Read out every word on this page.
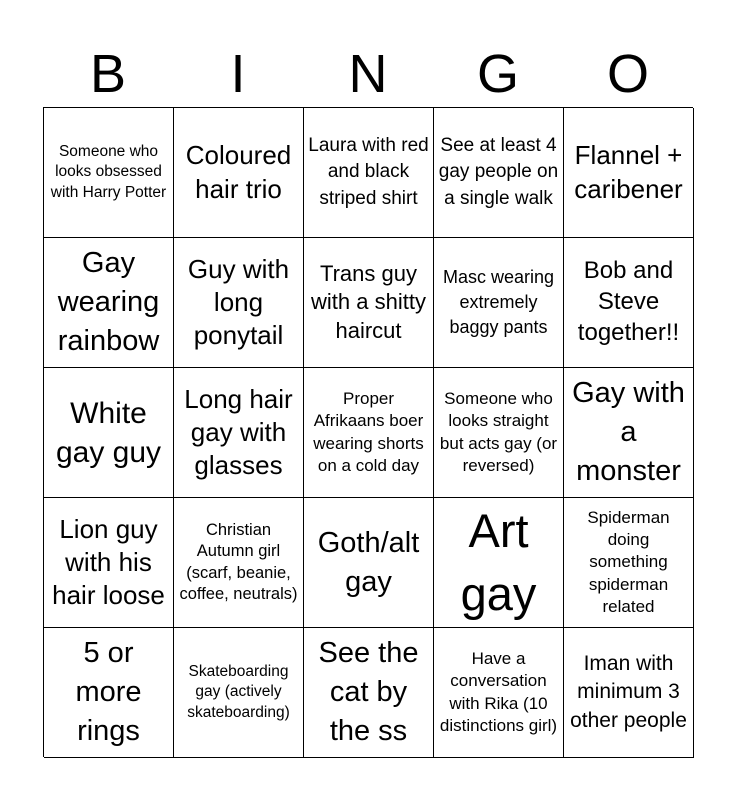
B	I	N	G	O
Someone who looks obsessed with Harry Potter
Coloured hair trio
Laura with red and black striped shirt
See at least 4 gay people on a single walk
Flannel + caribener
Gay wearing rainbow
Guy with long ponytail
Trans guy with a shitty haircut
Masc wearing extremely baggy pants
Bob and Steve together!!
White gay guy
Long hair gay with glasses
Proper Afrikaans boer wearing shorts on a cold day
Someone who looks straight but acts gay (or reversed)
Gay with a monster
Lion guy with his hair loose
Christian Autumn girl (scarf, beanie, coffee, neutrals)
Goth/alt gay
Art gay
Spiderman doing something spiderman related
5 or more rings
Skateboarding gay (actively skateboarding)
See the cat by the ss
Have a conversation with Rika (10 distinctions girl)
Iman with minimum 3 other people
